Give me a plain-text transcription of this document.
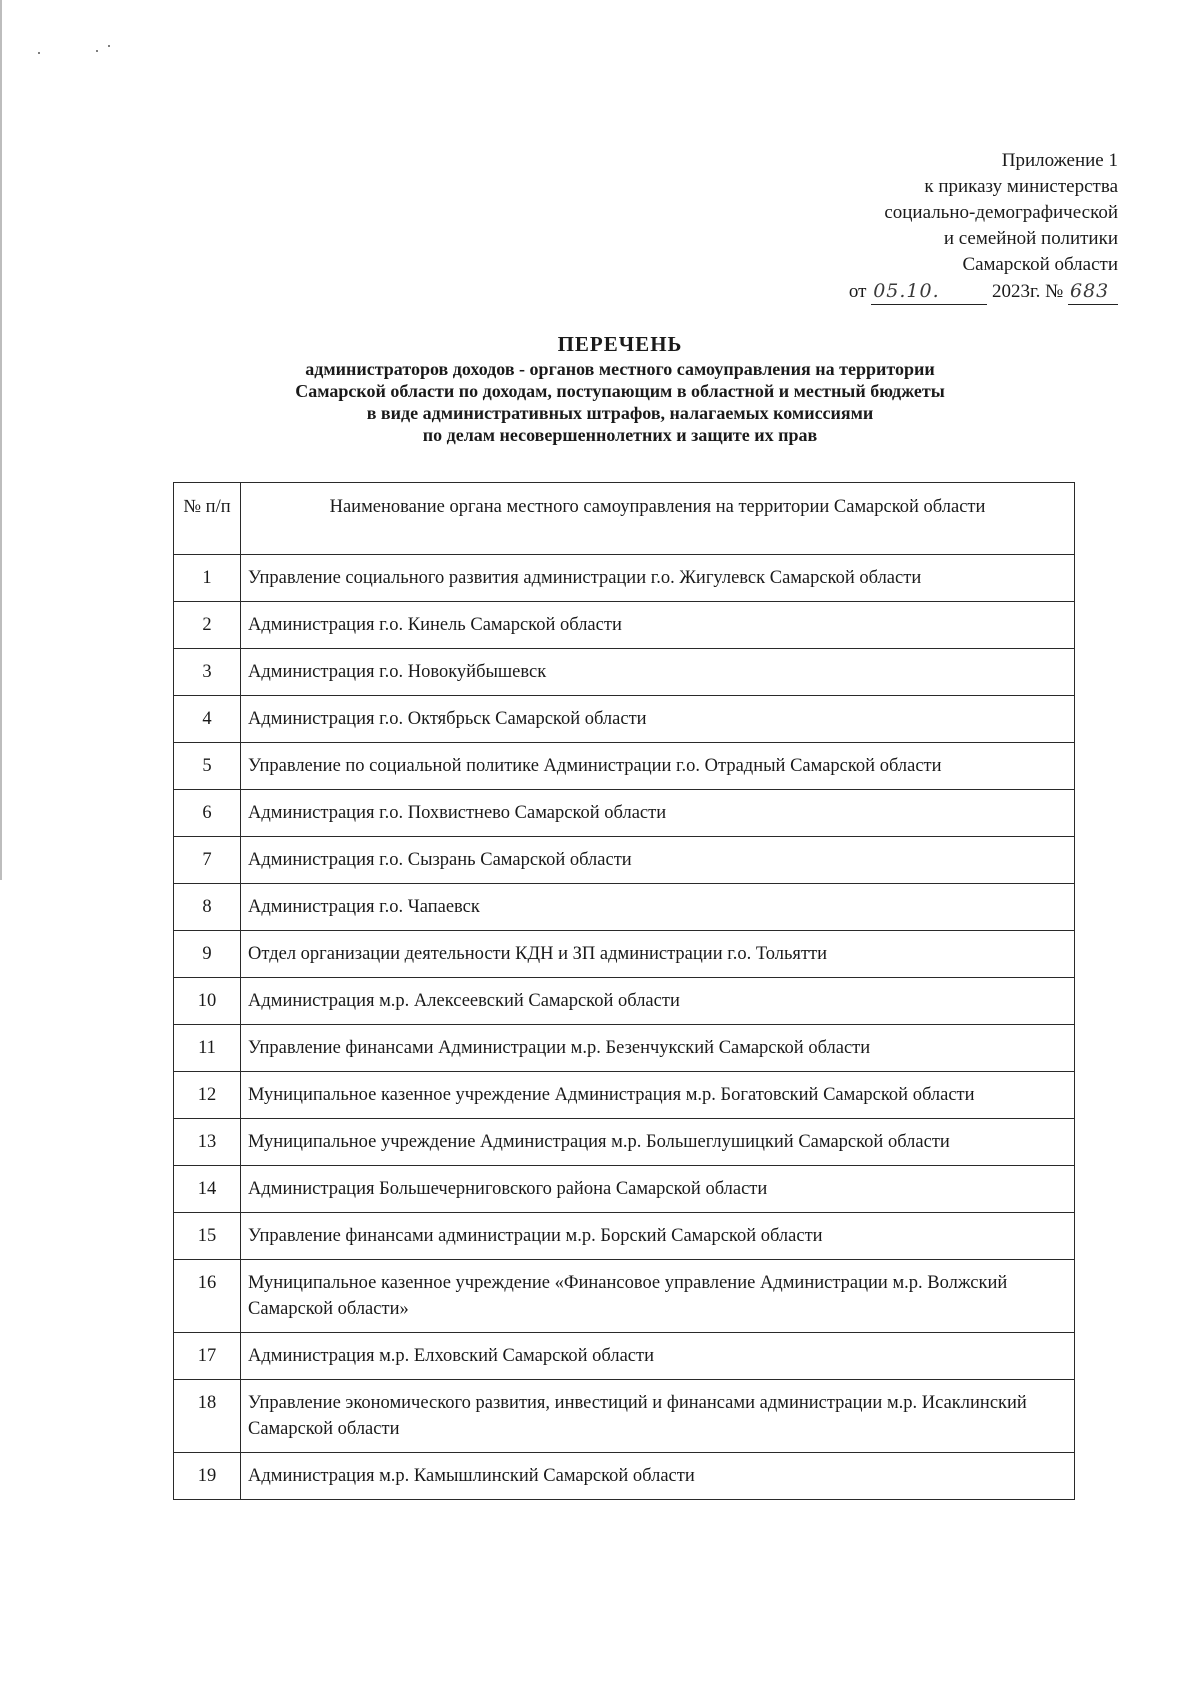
Приложение 1
к приказу министерства
социально-демографической
и семейной политики
Самарской области
от 05.10.	2023г. № 683
ПЕРЕЧЕНЬ
администраторов доходов - органов местного самоуправления на территории
Самарской области по доходам, поступающим в областной и местный бюджеты
в виде административных штрафов, налагаемых комиссиями
по делам несовершеннолетних и защите их прав
№ п/п	Наименование органа местного самоуправления на территории Самарской области
1	Управление социального развития администрации г.о. Жигулевск Самарской области
2	Администрация г.о. Кинель Самарской области
3	Администрация г.о. Новокуйбышевск
4	Администрация г.о. Октябрьск Самарской области
5	Управление по социальной политике Администрации г.о. Отрадный Самарской области
6	Администрация г.о. Похвистнево Самарской области
7	Администрация г.о. Сызрань Самарской области
8	Администрация г.о. Чапаевск
9	Отдел организации деятельности КДН и ЗП администрации г.о. Тольятти
10	Администрация м.р. Алексеевский Самарской области
11	Управление финансами Администрации м.р. Безенчукский Самарской области
12	Муниципальное казенное учреждение Администрация м.р. Богатовский Самарской области
13	Муниципальное учреждение Администрация м.р. Большеглушицкий Самарской области
14	Администрация Большечерниговского района Самарской области
15	Управление финансами администрации м.р. Борский Самарской области
16	Муниципальное казенное учреждение «Финансовое управление Администрации м.р. Волжский Самарской области»
17	Администрация м.р. Елховский Самарской области
18	Управление экономического развития, инвестиций и финансами администрации м.р. Исаклинский Самарской области
19	Администрация м.р. Камышлинский Самарской области
